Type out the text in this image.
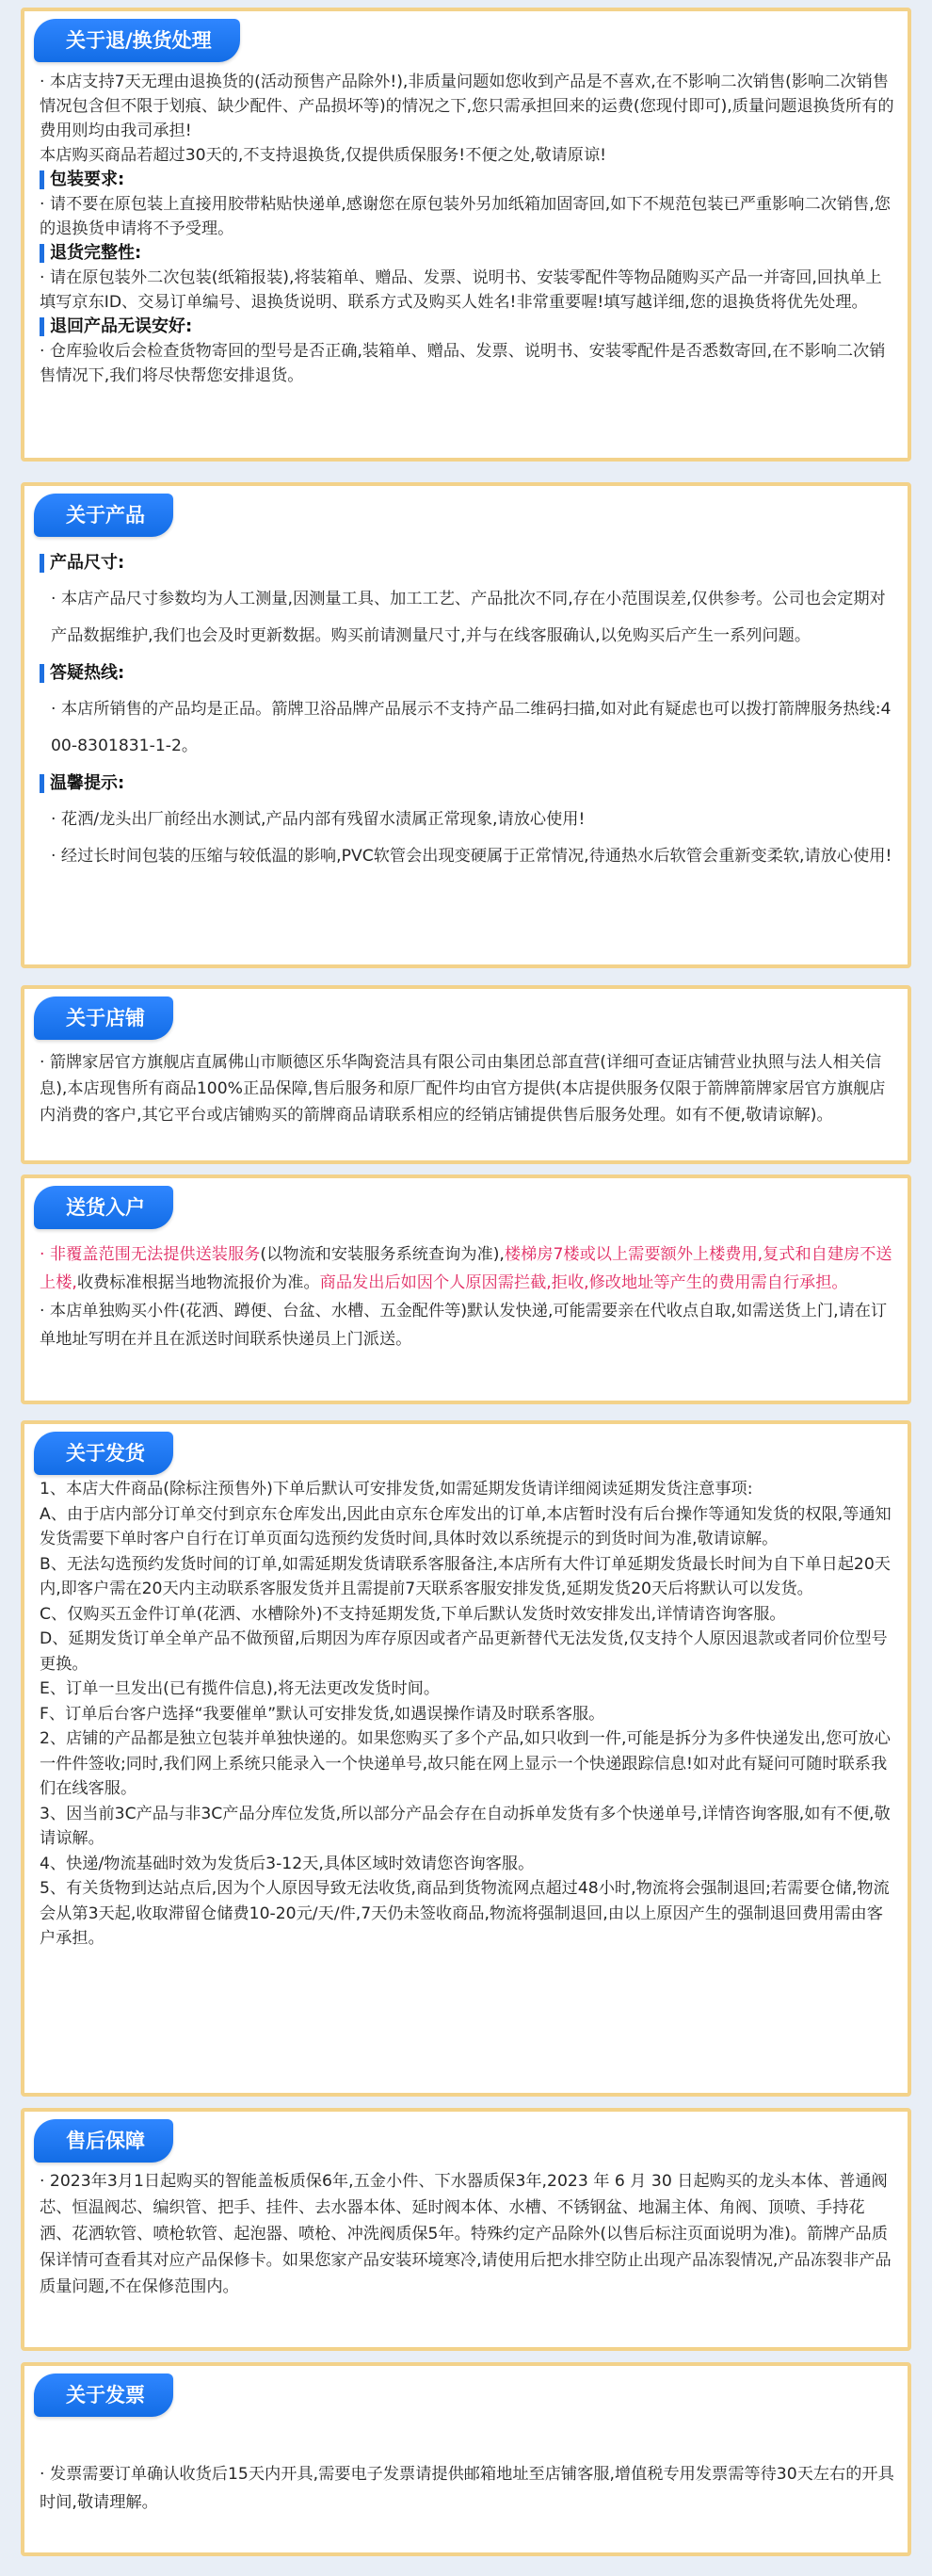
关于退/换货处理
· 本店支持7天无理由退换货的(活动预售产品除外!),非质量问题如您收到产品是不喜欢,在不影响二次销售(影响二次销售情况包含但不限于划痕、缺少配件、产品损坏等)的情况之下,您只需承担回来的运费(您现付即可),质量问题退换货所有的费用则均由我司承担!
本店购买商品若超过30天的,不支持退换货,仅提供质保服务!不便之处,敬请原谅!
包装要求:
· 请不要在原包装上直接用胶带粘贴快递单,感谢您在原包装外另加纸箱加固寄回,如下不规范包装已严重影响二次销售,您的退换货申请将不予受理。
退货完整性:
· 请在原包装外二次包装(纸箱报装),将装箱单、赠品、发票、说明书、安装零配件等物品随购买产品一并寄回,回执单上填写京东ID、交易订单编号、退换货说明、联系方式及购买人姓名!非常重要喔!填写越详细,您的退换货将优先处理。
退回产品无误安好:
· 仓库验收后会检查货物寄回的型号是否正确,装箱单、赠品、发票、说明书、安装零配件是否悉数寄回,在不影响二次销售情况下,我们将尽快帮您安排退货。
关于产品
产品尺寸:
· 本店产品尺寸参数均为人工测量,因测量工具、加工工艺、产品批次不同,存在小范围误差,仅供参考。公司也会定期对产品数据维护,我们也会及时更新数据。购买前请测量尺寸,并与在线客服确认,以免购买后产生一系列问题。
答疑热线:
· 本店所销售的产品均是正品。箭牌卫浴品牌产品展示不支持产品二维码扫描,如对此有疑虑也可以拨打箭牌服务热线:400-8301831-1-2。
温馨提示:
· 花洒/龙头出厂前经出水测试,产品内部有残留水渍属正常现象,请放心使用!
· 经过长时间包装的压缩与较低温的影响,PVC软管会出现变硬属于正常情况,待通热水后软管会重新变柔软,请放心使用!
关于店铺
· 箭牌家居官方旗舰店直属佛山市顺德区乐华陶瓷洁具有限公司由集团总部直营(详细可查证店铺营业执照与法人相关信息),本店现售所有商品100%正品保障,售后服务和原厂配件均由官方提供(本店提供服务仅限于箭牌箭牌家居官方旗舰店内消费的客户,其它平台或店铺购买的箭牌商品请联系相应的经销店铺提供售后服务处理。如有不便,敬请谅解)。
送货入户
· 非覆盖范围无法提供送装服务(以物流和安装服务系统查询为准),楼梯房7楼或以上需要额外上楼费用,复式和自建房不送上楼,收费标准根据当地物流报价为准。商品发出后如因个人原因需拦截,拒收,修改地址等产生的费用需自行承担。
· 本店单独购买小件(花洒、蹲便、台盆、水槽、五金配件等)默认发快递,可能需要亲在代收点自取,如需送货上门,请在订单地址写明在并且在派送时间联系快递员上门派送。
关于发货
1、本店大件商品(除标注预售外)下单后默认可安排发货,如需延期发货请详细阅读延期发货注意事项:
A、由于店内部分订单交付到京东仓库发出,因此由京东仓库发出的订单,本店暂时没有后台操作等通知发货的权限,等通知发货需要下单时客户自行在订单页面勾选预约发货时间,具体时效以系统提示的到货时间为准,敬请谅解。
B、无法勾选预约发货时间的订单,如需延期发货请联系客服备注,本店所有大件订单延期发货最长时间为自下单日起20天内,即客户需在20天内主动联系客服发货并且需提前7天联系客服安排发货,延期发货20天后将默认可以发货。
C、仅购买五金件订单(花洒、水槽除外)不支持延期发货,下单后默认发货时效安排发出,详情请咨询客服。
D、延期发货订单全单产品不做预留,后期因为库存原因或者产品更新替代无法发货,仅支持个人原因退款或者同价位型号更换。
E、订单一旦发出(已有揽件信息),将无法更改发货时间。
F、订单后台客户选择“我要催单”默认可安排发货,如遇误操作请及时联系客服。
2、店铺的产品都是独立包装并单独快递的。如果您购买了多个产品,如只收到一件,可能是拆分为多件快递发出,您可放心一件件签收;同时,我们网上系统只能录入一个快递单号,故只能在网上显示一个快递跟踪信息!如对此有疑问可随时联系我们在线客服。
3、因当前3C产品与非3C产品分库位发货,所以部分产品会存在自动拆单发货有多个快递单号,详情咨询客服,如有不便,敬请谅解。
4、快递/物流基础时效为发货后3-12天,具体区域时效请您咨询客服。
5、有关货物到达站点后,因为个人原因导致无法收货,商品到货物流网点超过48小时,物流将会强制退回;若需要仓储,物流会从第3天起,收取滞留仓储费10-20元/天/件,7天仍未签收商品,物流将强制退回,由以上原因产生的强制退回费用需由客户承担。
售后保障
· 2023年3月1日起购买的智能盖板质保6年,五金小件、下水器质保3年,2023 年 6 月 30 日起购买的龙头本体、普通阀芯、恒温阀芯、编织管、把手、挂件、去水器本体、延时阀本体、水槽、不锈钢盆、地漏主体、角阀、顶喷、手持花洒、花洒软管、喷枪软管、起泡器、喷枪、冲洗阀质保5年。特殊约定产品除外(以售后标注页面说明为准)。箭牌产品质保详情可查看其对应产品保修卡。如果您家产品安装环境寒冷,请使用后把水排空防止出现产品冻裂情况,产品冻裂非产品质量问题,不在保修范围内。
关于发票
· 发票需要订单确认收货后15天内开具,需要电子发票请提供邮箱地址至店铺客服,增值税专用发票需等待30天左右的开具时间,敬请理解。
